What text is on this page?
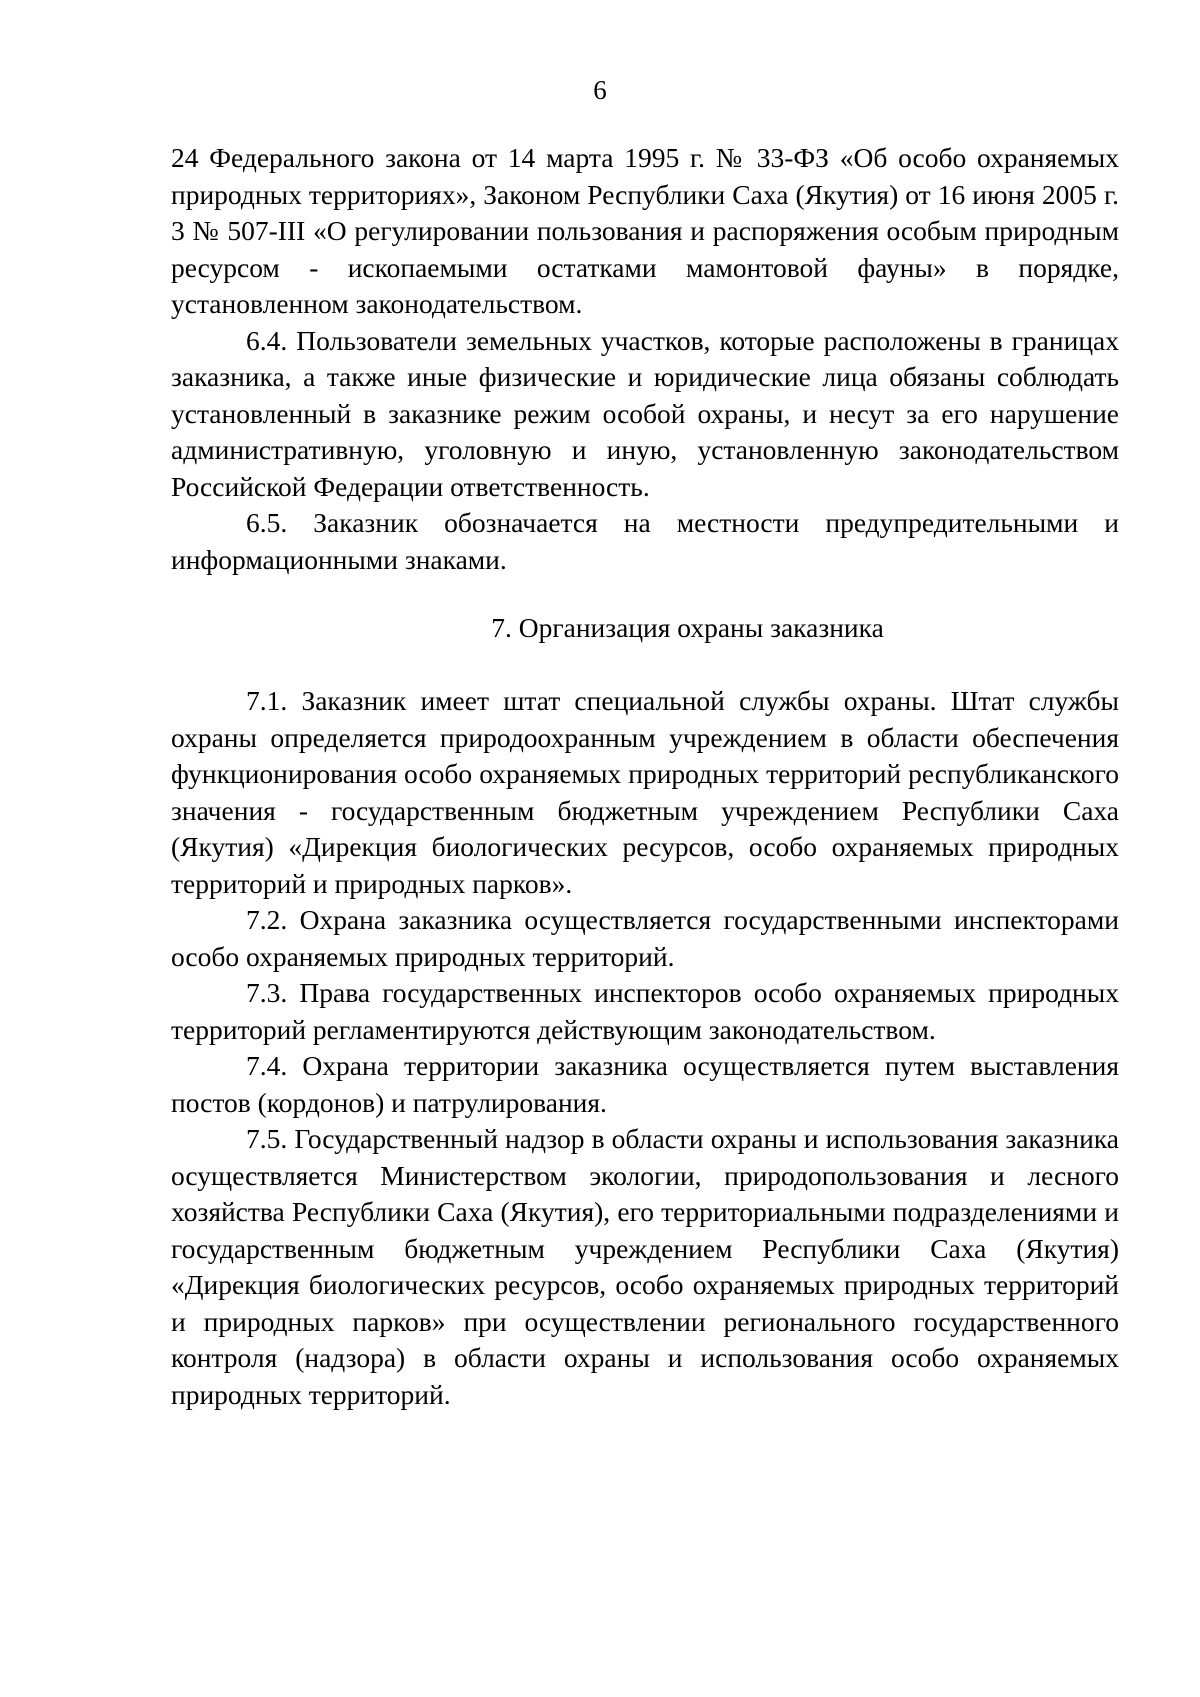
6

24 Федерального закона от 14 марта 1995 г. № 33-ФЗ «Об особо охраняемых природных территориях», Законом Республики Саха (Якутия) от 16 июня 2005 г. 3 № 507-III «О регулировании пользования и распоряжения особым природным ресурсом - ископаемыми остатками мамонтовой фауны» в порядке, установленном законодательством.

6.4. Пользователи земельных участков, которые расположены в границах заказника, а также иные физические и юридические лица обязаны соблюдать установленный в заказнике режим особой охраны, и несут за его нарушение административную, уголовную и иную, установленную законодательством Российской Федерации ответственность.

6.5. Заказник обозначается на местности предупредительными и информационными знаками.

7. Организация охраны заказника

7.1. Заказник имеет штат специальной службы охраны. Штат службы охраны определяется природоохранным учреждением в области обеспечения функционирования особо охраняемых природных территорий республиканского значения - государственным бюджетным учреждением Республики Саха (Якутия) «Дирекция биологических ресурсов, особо охраняемых природных территорий и природных парков».

7.2. Охрана заказника осуществляется государственными инспекторами особо охраняемых природных территорий.

7.3. Права государственных инспекторов особо охраняемых природных территорий регламентируются действующим законодательством.

7.4. Охрана территории заказника осуществляется путем выставления постов (кордонов) и патрулирования.

7.5. Государственный надзор в области охраны и использования заказника осуществляется Министерством экологии, природопользования и лесного хозяйства Республики Саха (Якутия), его территориальными подразделениями и государственным бюджетным учреждением Республики Саха (Якутия) «Дирекция биологических ресурсов, особо охраняемых природных территорий и природных парков» при осуществлении регионального государственного контроля (надзора) в области охраны и использования особо охраняемых природных территорий.
